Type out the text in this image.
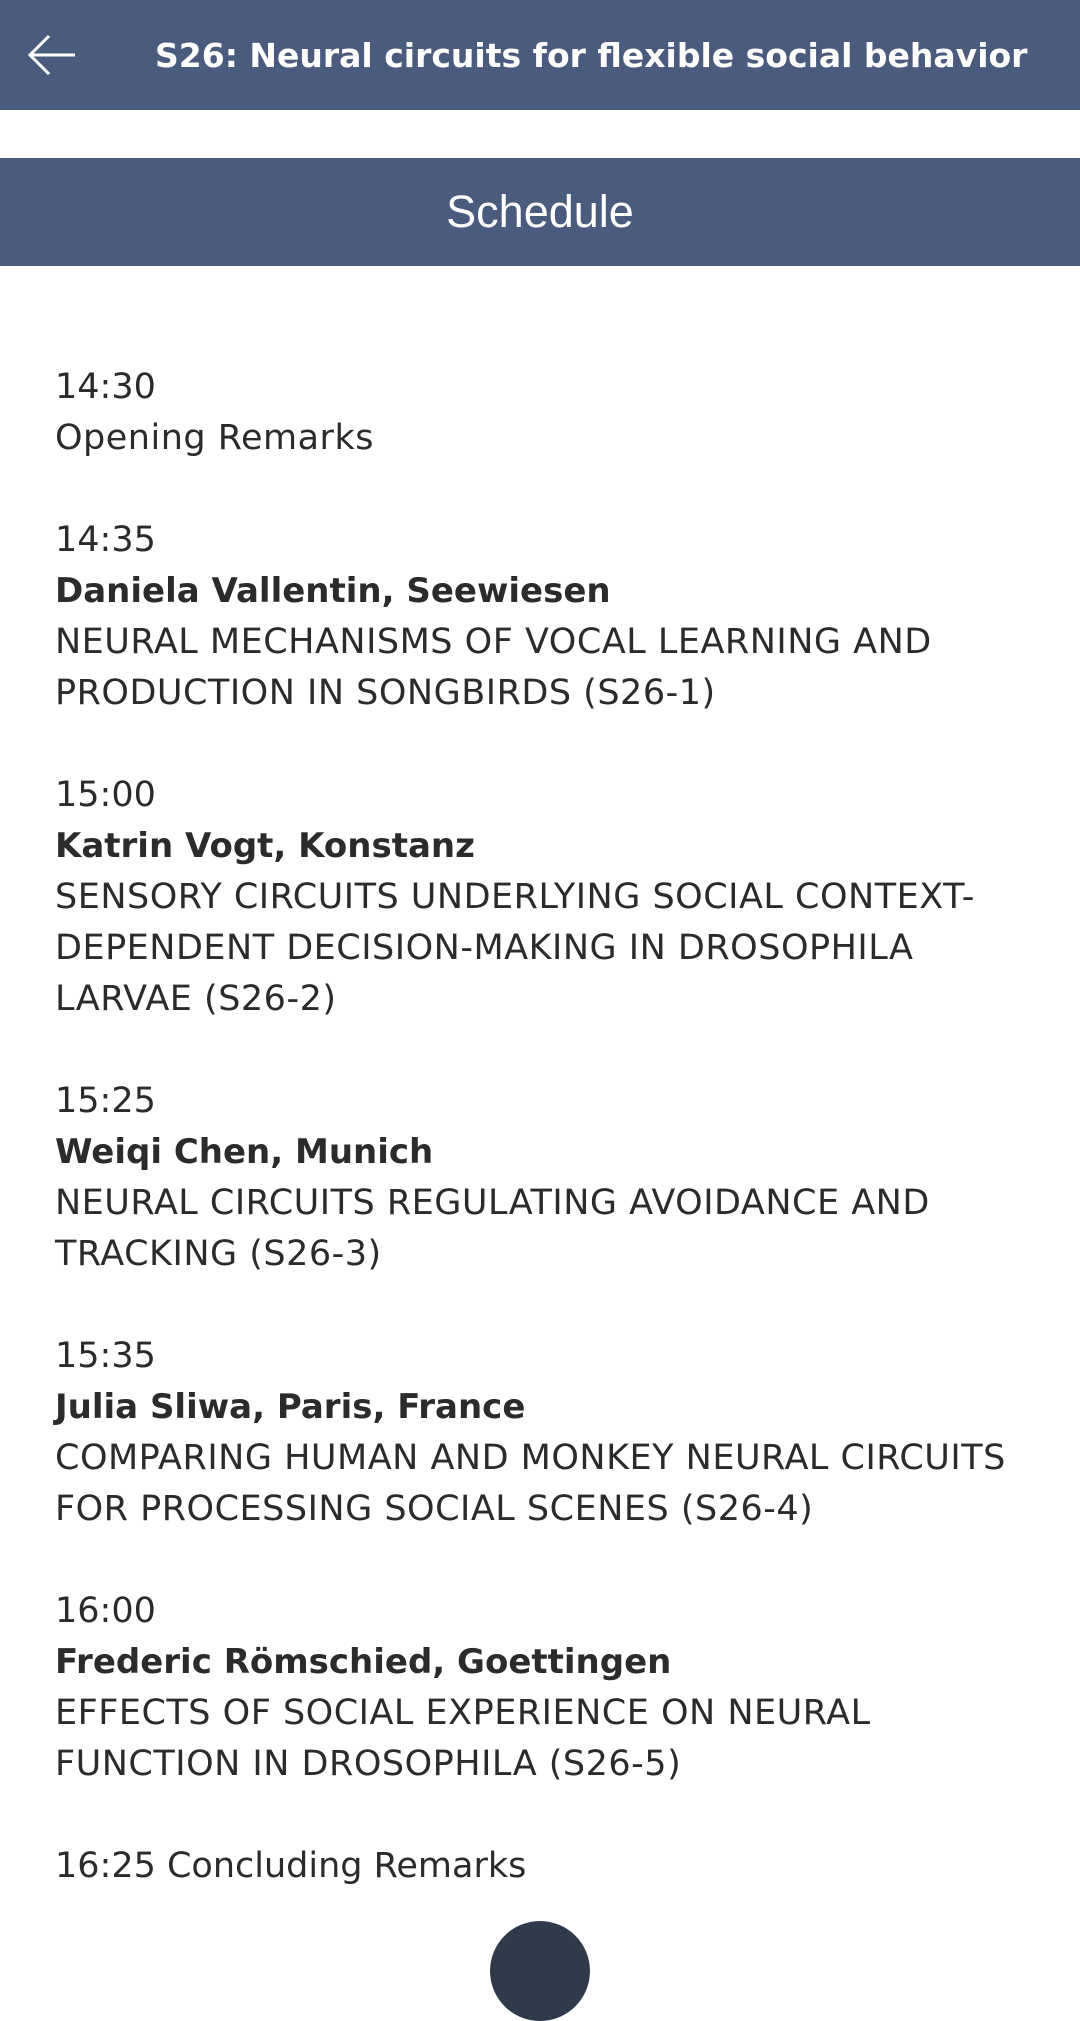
S26: Neural circuits for flexible social behavior
Schedule

14:30

Opening Remarks

14:35

Daniela Vallentin, Seewiesen

NEURAL MECHANISMS OF VOCAL LEARNING AND PRODUCTION IN SONGBIRDS (S26-1)

15:00

Katrin Vogt, Konstanz

SENSORY CIRCUITS UNDERLYING SOCIAL CONTEXT-DEPENDENT DECISION-MAKING IN DROSOPHILA LARVAE (S26-2)

15:25

Weiqi Chen, Munich

NEURAL CIRCUITS REGULATING AVOIDANCE AND TRACKING (S26-3)

15:35

Julia Sliwa, Paris, France

COMPARING HUMAN AND MONKEY NEURAL CIRCUITS FOR PROCESSING SOCIAL SCENES (S26-4)

16:00

Frederic Römschied, Goettingen

EFFECTS OF SOCIAL EXPERIENCE ON NEURAL FUNCTION IN DROSOPHILA (S26-5)

16:25 Concluding Remarks
